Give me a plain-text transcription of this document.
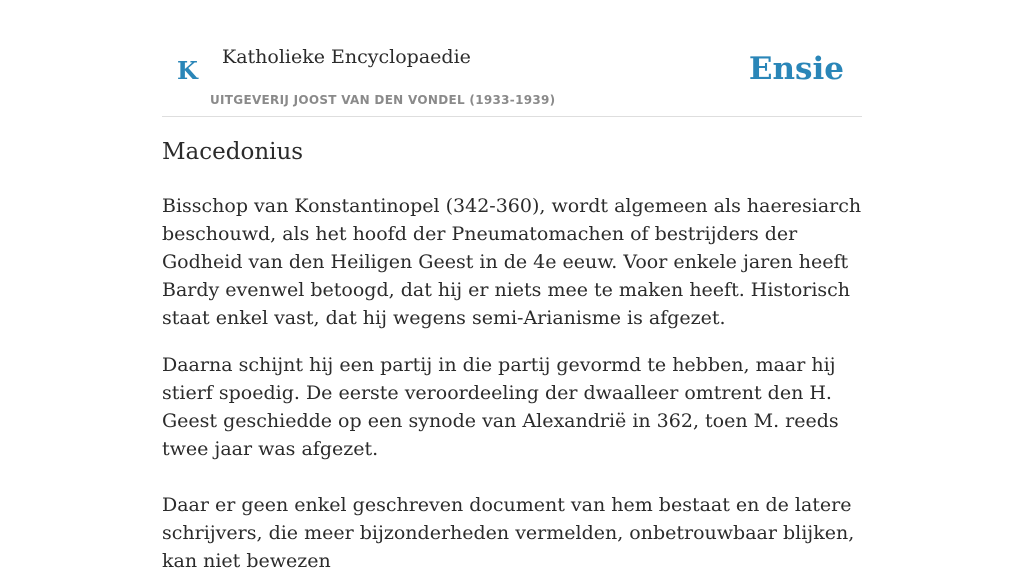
K Katholieke Encyclopaedie
UITGEVERIJ JOOST VAN DEN VONDEL (1933-1939)
Ensie
Macedonius

Bisschop van Konstantinopel (342-360), wordt algemeen als haeresiarch beschouwd, als het hoofd der Pneumatomachen of bestrijders der Godheid van den Heiligen Geest in de 4e eeuw. Voor enkele jaren heeft Bardy evenwel betoogd, dat hij er niets mee te maken heeft. Historisch staat enkel vast, dat hij wegens semi-Arianisme is afgezet.

Daarna schijnt hij een partij in die partij gevormd te hebben, maar hij stierf spoedig. De eerste veroordeeling der dwaalleer omtrent den H. Geest geschiedde op een synode van Alexandrië in 362, toen M. reeds twee jaar was afgezet.

Daar er geen enkel geschreven document van hem bestaat en de latere schrijvers, die meer bijzonderheden vermelden, onbetrouwbaar blijken, kan niet bewezen
